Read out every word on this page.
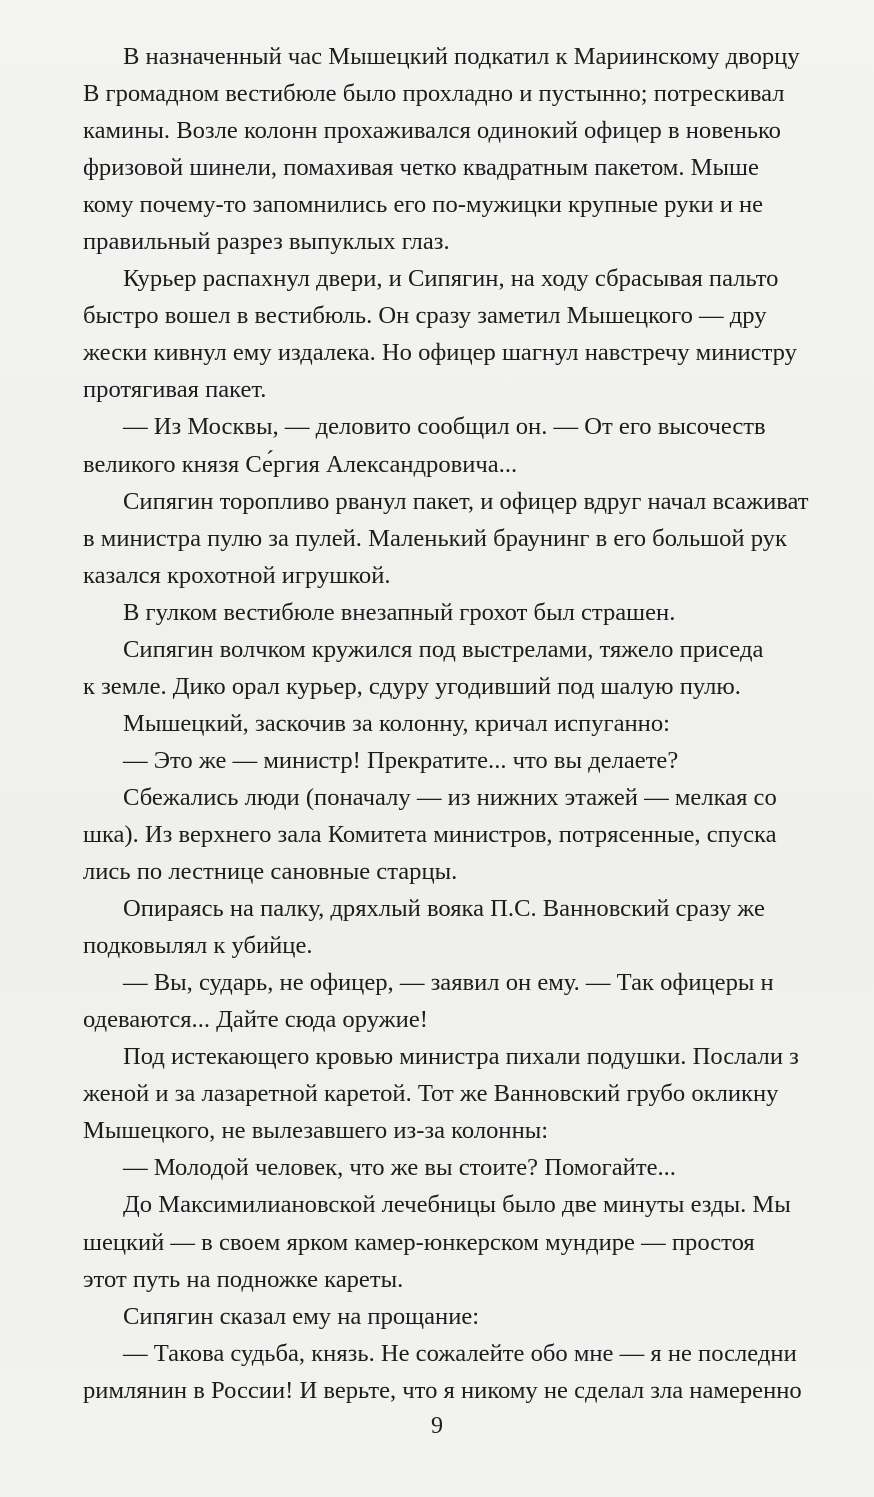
В назначенный час Мышецкий подкатил к Мариинскому дворцу
В громадном вестибюле было прохладно и пустынно; потрескивал
камины. Возле колонн прохаживался одинокий офицер в новенько
фризовой шинели, помахивая четко квадратным пакетом. Мыше
кому почему-то запомнились его по-мужицки крупные руки и не
правильный разрез выпуклых глаз.
Курьер распахнул двери, и Сипягин, на ходу сбрасывая пальто
быстро вошел в вестибюль. Он сразу заметил Мышецкого — дру
жески кивнул ему издалека. Но офицер шагнул навстречу министру
протягивая пакет.
— Из Москвы, — деловито сообщил он. — От его высочеств
великого князя Се́ргия Александровича...
Сипягин торопливо рванул пакет, и офицер вдруг начал всаживат
в министра пулю за пулей. Маленький браунинг в его большой рук
казался крохотной игрушкой.
В гулком вестибюле внезапный грохот был страшен.
Сипягин волчком кружился под выстрелами, тяжело приседа
к земле. Дико орал курьер, сдуру угодивший под шалую пулю.
Мышецкий, заскочив за колонну, кричал испуганно:
— Это же — министр! Прекратите... что вы делаете?
Сбежались люди (поначалу — из нижних этажей — мелкая со
шка). Из верхнего зала Комитета министров, потрясенные, спуска
лись по лестнице сановные старцы.
Опираясь на палку, дряхлый вояка П.С. Ванновский сразу же
подковылял к убийце.
— Вы, сударь, не офицер, — заявил он ему. — Так офицеры н
одеваются... Дайте сюда оружие!
Под истекающего кровью министра пихали подушки. Послали з
женой и за лазаретной каретой. Тот же Ванновский грубо окликну
Мышецкого, не вылезавшего из-за колонны:
— Молодой человек, что же вы стоите? Помогайте...
До Максимилиановской лечебницы было две минуты езды. Мы
шецкий — в своем ярком камер-юнкерском мундире — простоя
этот путь на подножке кареты.
Сипягин сказал ему на прощание:
— Такова судьба, князь. Не сожалейте обо мне — я не последни
римлянин в России! И верьте, что я никому не сделал зла намеренно
9
